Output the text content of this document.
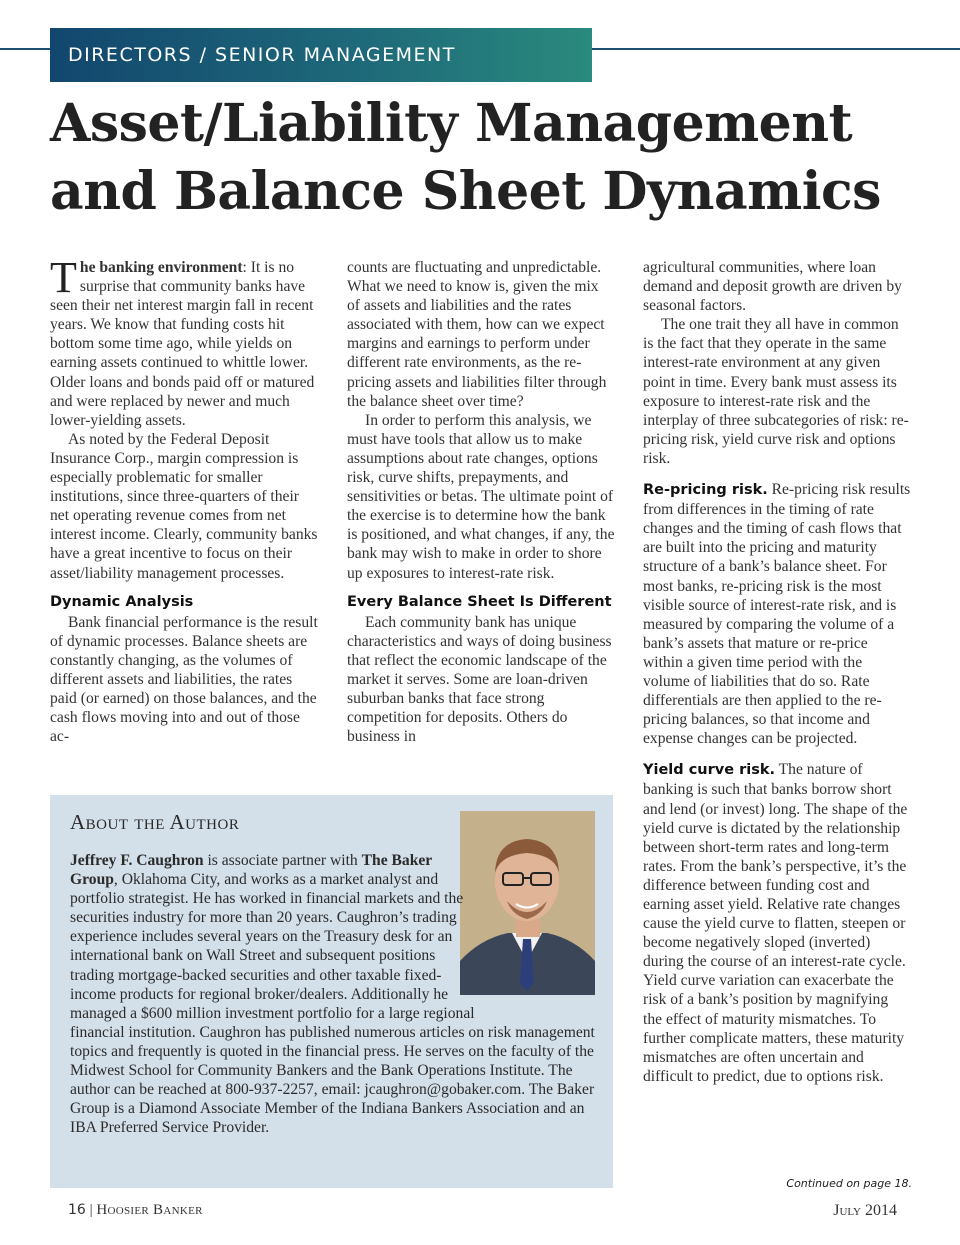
DIRECTORS / SENIOR MANAGEMENT
Asset/Liability Management
and Balance Sheet Dynamics

The banking environment: It is no surprise that community banks have seen their net interest margin fall in recent years. We know that funding costs hit bottom some time ago, while yields on earning assets continued to whittle lower. Older loans and bonds paid off or matured and were replaced by newer and much lower-yielding assets.

As noted by the Federal Deposit Insurance Corp., margin compression is especially problematic for smaller institutions, since three-quarters of their net operating revenue comes from net interest income. Clearly, community banks have a great incentive to focus on their asset/liability management processes.

Dynamic Analysis

Bank financial performance is the result of dynamic processes. Balance sheets are constantly changing, as the volumes of different assets and liabilities, the rates paid (or earned) on those balances, and the cash flows moving into and out of those ac-

counts are fluctuating and unpredictable. What we need to know is, given the mix of assets and liabilities and the rates associated with them, how can we expect margins and earnings to perform under different rate environments, as the re-pricing assets and liabilities filter through the balance sheet over time?

In order to perform this analysis, we must have tools that allow us to make assumptions about rate changes, options risk, curve shifts, prepayments, and sensitivities or betas. The ultimate point of the exercise is to determine how the bank is positioned, and what changes, if any, the bank may wish to make in order to shore up exposures to interest-rate risk.

Every Balance Sheet Is Different

Each community bank has unique characteristics and ways of doing business that reflect the economic landscape of the market it serves. Some are loan-driven suburban banks that face strong competition for deposits. Others do business in

agricultural communities, where loan demand and deposit growth are driven by seasonal factors.

The one trait they all have in common is the fact that they operate in the same interest-rate environment at any given point in time. Every bank must assess its exposure to interest-rate risk and the interplay of three subcategories of risk: re-pricing risk, yield curve risk and options risk.

Re-pricing risk. Re-pricing risk results from differences in the timing of rate changes and the timing of cash flows that are built into the pricing and maturity structure of a bank’s balance sheet. For most banks, re-pricing risk is the most visible source of interest-rate risk, and is measured by comparing the volume of a bank’s assets that mature or re-price within a given time period with the volume of liabilities that do so. Rate differentials are then applied to the re-pricing balances, so that income and expense changes can be projected.

Yield curve risk. The nature of banking is such that banks borrow short and lend (or invest) long. The shape of the yield curve is dictated by the relationship between short-term rates and long-term rates. From the bank’s perspective, it’s the difference between funding cost and earning asset yield. Relative rate changes cause the yield curve to flatten, steepen or become negatively sloped (inverted) during the course of an interest-rate cycle. Yield curve variation can exacerbate the risk of a bank’s position by magnifying the effect of maturity mismatches. To further complicate matters, these maturity mismatches are often uncertain and difficult to predict, due to options risk.

About the Author
Jeffrey F. Caughron is associate partner with The Baker Group, Oklahoma City, and works as a market analyst and portfolio strategist. He has worked in financial markets and the securities industry for more than 20 years. Caughron’s trading experience includes several years on the Treasury desk for an international bank on Wall Street and subsequent positions trading mortgage-backed securities and other taxable fixed-income products for regional broker/dealers. Additionally he managed a $600 million investment portfolio for a large regional financial institution. Caughron has published numerous articles on risk management topics and frequently is quoted in the financial press. He serves on the faculty of the Midwest School for Community Bankers and the Bank Operations Institute. The author can be reached at 800-937-2257, email: jcaughron@gobaker.com. The Baker Group is a Diamond Associate Member of the Indiana Bankers Association and an IBA Preferred Service Provider.
Continued on page 18.
16 | Hoosier Banker	July 2014
